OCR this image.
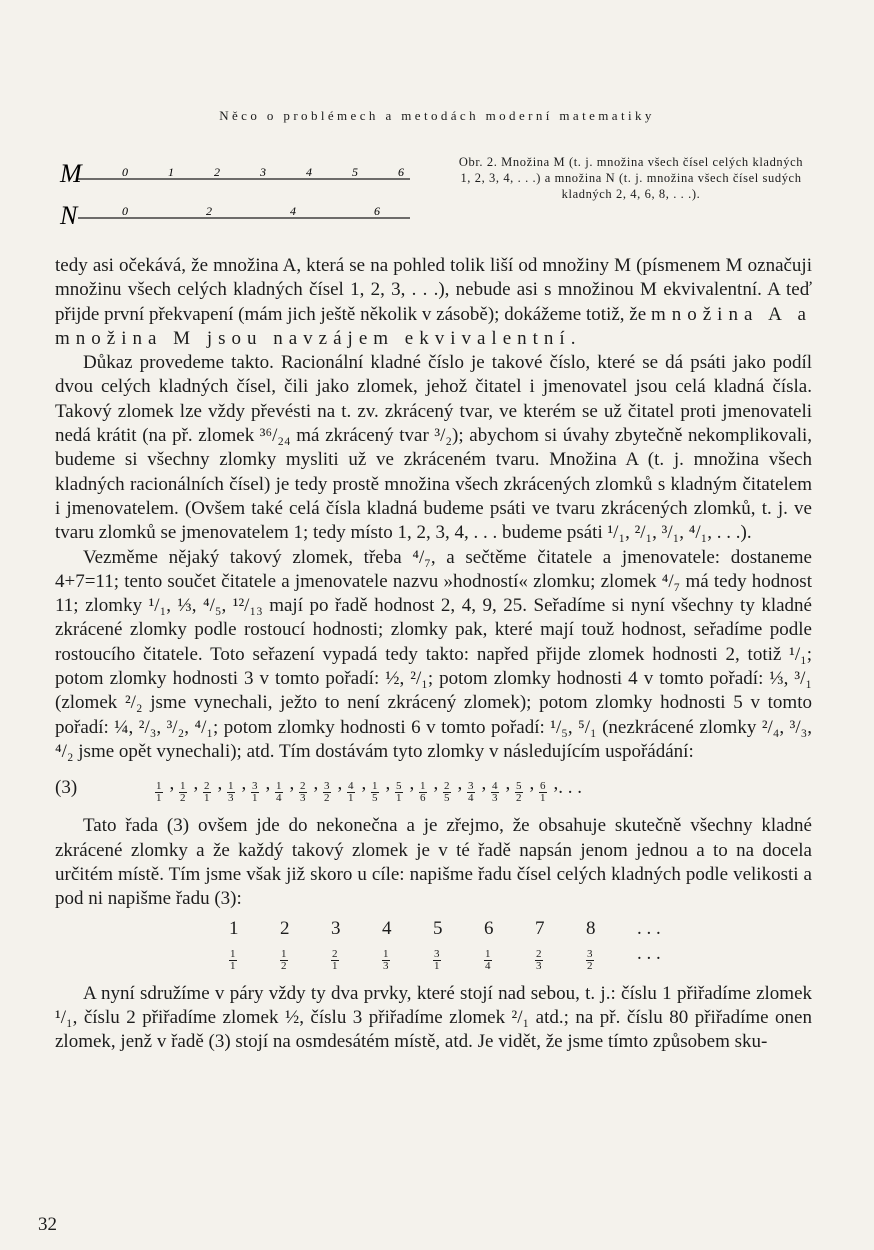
Něco o problémech a metodách moderní matematiky
M	0	1	2	3	4	5	6
N	0	2	4	6
Obr. 2. Množina M (t. j. množina všech čísel celých kladných 1, 2, 3, 4, . . .) a množina N (t. j. množina všech čísel sudých kladných 2, 4, 6, 8, . . .).

tedy asi očekává, že množina A, která se na pohled tolik liší od množiny M (písmenem M označuji množinu všech celých kladných čísel 1, 2, 3, . . .), nebude asi s množinou M ekvivalentní. A teď přijde první překvapení (mám jich ještě několik v zásobě); dokážeme totiž, že množina A a množina M jsou navzájem ekvivalentní.

Důkaz provedeme takto. Racionální kladné číslo je takové číslo, které se dá psáti jako podíl dvou celých kladných čísel, čili jako zlomek, jehož čitatel i jmenovatel jsou celá kladná čísla. Takový zlomek lze vždy převésti na t. zv. zkrácený tvar, ve kterém se už čitatel proti jmenovateli nedá krátit (na př. zlomek ³⁶/₂₄ má zkrácený tvar ³/₂); abychom si úvahy zbytečně nekomplikovali, budeme si všechny zlomky mysliti už ve zkráceném tvaru. Množina A (t. j. množina všech kladných racionálních čísel) je tedy prostě množina všech zkrácených zlomků s kladným čitatelem i jmenovatelem. (Ovšem také celá čísla kladná budeme psáti ve tvaru zkrácených zlomků, t. j. ve tvaru zlomků se jmenovatelem 1; tedy místo 1, 2, 3, 4, . . . budeme psáti ¹/₁, ²/₁, ³/₁, ⁴/₁, . . .).

Vezměme nějaký takový zlomek, třeba ⁴/₇, a sečtěme čitatele a jmenovatele: dostaneme 4+7=11; tento součet čitatele a jmenovatele nazvu »hodností« zlomku; zlomek ⁴/₇ má tedy hodnost 11; zlomky ¹/₁, ⅓, ⁴/₅, ¹²/₁₃ mají po řadě hodnost 2, 4, 9, 25. Seřadíme si nyní všechny ty kladné zkrácené zlomky podle rostoucí hodnosti; zlomky pak, které mají touž hodnost, seřadíme podle rostoucího čitatele. Toto seřazení vypadá tedy takto: napřed přijde zlomek hodnosti 2, totiž ¹/₁; potom zlomky hodnosti 3 v tomto pořadí: ½, ²/₁; potom zlomky hodnosti 4 v tomto pořadí: ⅓, ³/₁ (zlomek ²/₂ jsme vynechali, ježto to není zkrácený zlomek); potom zlomky hodnosti 5 v tomto pořadí: ¼, ²/₃, ³/₂, ⁴/₁; potom zlomky hodnosti 6 v tomto pořadí: ¹/₅, ⁵/₁ (nezkrácené zlomky ²/₄, ³/₃, ⁴/₂ jsme opět vynechali); atd. Tím dostávám tyto zlomky v následujícím uspořádání:

(3)	$\frac{1}{1}$ , $\frac{1}{2}$ , $\frac{2}{1}$ , $\frac{1}{3}$ , $\frac{3}{1}$ , $\frac{1}{4}$ , $\frac{2}{3}$ , $\frac{3}{2}$ , $\frac{4}{1}$ , $\frac{1}{5}$ , $\frac{5}{1}$ , $\frac{1}{6}$ , $\frac{2}{5}$ , $\frac{3}{4}$ , $\frac{4}{3}$ , $\frac{5}{2}$ , $\frac{6}{1}$ , . . .

Tato řada (3) ovšem jde do nekonečna a je zřejmo, že obsahuje skutečně všechny kladné zkrácené zlomky a že každý takový zlomek je v té řadě napsán jenom jednou a to na docela určitém místě. Tím jsme však již skoro u cíle: napišme řadu čísel celých kladných podle velikosti a pod ni napišme řadu (3):

1	2	3	4	5	6	7	8	. . .
$\frac{1}{1}$	$\frac{1}{2}$	$\frac{2}{1}$	$\frac{1}{3}$	$\frac{3}{1}$	$\frac{1}{4}$	$\frac{2}{3}$	$\frac{3}{2}$ . . .

A nyní sdružíme v páry vždy ty dva prvky, které stojí nad sebou, t. j.: číslu 1 přiřadíme zlomek ¹/₁, číslu 2 přiřadíme zlomek ½, číslu 3 přiřadíme zlomek ²/₁ atd.; na př. číslu 80 přiřadíme onen zlomek, jenž v řadě (3) stojí na osmdesátém místě, atd. Je vidět, že jsme tímto způsobem sku-

32
